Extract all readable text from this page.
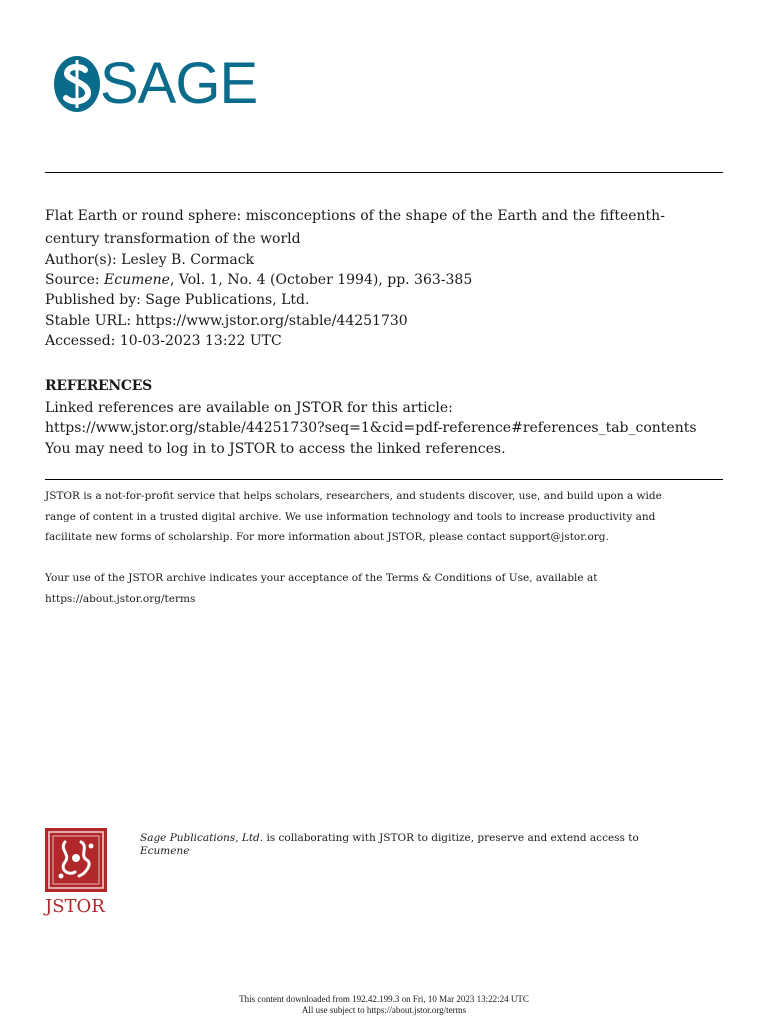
SAGE
Flat Earth or round sphere: misconceptions of the shape of the Earth and the fifteenth-
century transformation of the world
Author(s): Lesley B. Cormack
Source: Ecumene, Vol. 1, No. 4 (October 1994), pp. 363-385
Published by: Sage Publications, Ltd.
Stable URL: https://www.jstor.org/stable/44251730
Accessed: 10-03-2023 13:22 UTC
REFERENCES
Linked references are available on JSTOR for this article:
https://www.jstor.org/stable/44251730?seq=1&cid=pdf-reference#references_tab_contents
You may need to log in to JSTOR to access the linked references.
JSTOR is a not-for-profit service that helps scholars, researchers, and students discover, use, and build upon a wide
range of content in a trusted digital archive. We use information technology and tools to increase productivity and
facilitate new forms of scholarship. For more information about JSTOR, please contact support@jstor.org.
Your use of the JSTOR archive indicates your acceptance of the Terms & Conditions of Use, available at
https://about.jstor.org/terms
JSTOR
Sage Publications, Ltd. is collaborating with JSTOR to digitize, preserve and extend access to
Ecumene
This content downloaded from 192.42.199.3 on Fri, 10 Mar 2023 13:22:24 UTC
All use subject to https://about.jstor.org/terms
